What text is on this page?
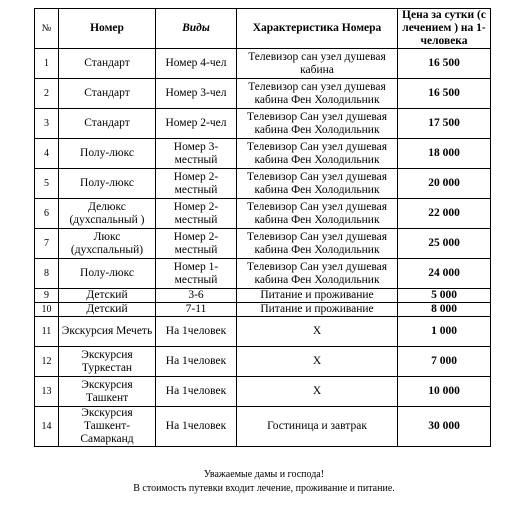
№	Номер	Виды	Характеристика Номера	Цена за сутки (с лечением ) на 1-человека
1	Стандарт	Номер 4-чел	Телевизор сан узел душевая кабина	16 500
2	Стандарт	Номер 3-чел	Телевизор сан узел душевая кабина Фен Холодильник	16 500
3	Стандарт	Номер 2-чел	Телевизор Сан узел душевая кабина Фен Холодильник	17 500
4	Полу-люкс	Номер 3-местный	Телевизор Сан узел душевая кабина Фен Холодильник	18 000
5	Полу-люкс	Номер 2-местный	Телевизор Сан узел душевая кабина Фен Холодильник	20 000
6	Делюкс (духспальный )	Номер 2-местный	Телевизор Сан узел душевая кабина Фен Холодильник	22 000
7	Люкс (духспальный)	Номер 2-местный	Телевизор Сан узел душевая кабина Фен Холодильник	25 000
8	Полу-люкс	Номер 1-местный	Телевизор Сан узел душевая кабина Фен Холодильник	24 000
9	Детский	3-6	Питание и проживание	5 000
10	Детский	7-11	Питание и проживание	8 000
11	Экскурсия Мечеть	На 1человек	Х	1 000
12	Экскурсия Туркестан	На 1человек	Х	7 000
13	Экскурсия Ташкент	На 1человек	Х	10 000
14	Экскурсия Ташкент-Самарканд	На 1человек	Гостиница и завтрак	30 000
Уважаемые дамы и господа!
В стоимость путевки входит лечение, проживание и питание.
